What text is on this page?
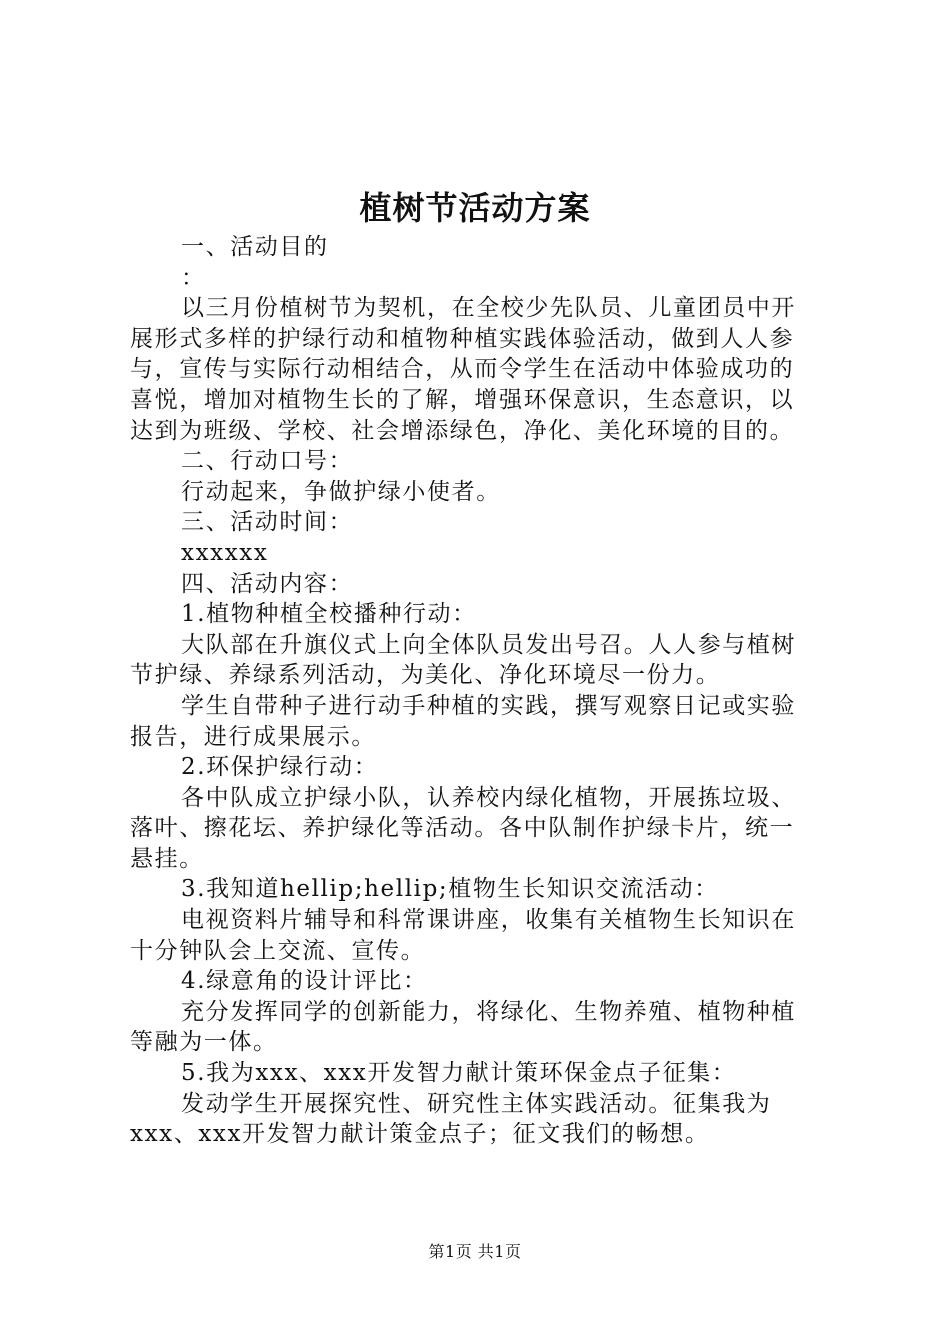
植树节活动方案
一、活动目的
：
以三月份植树节为契机，在全校少先队员、儿童团员中开
展形式多样的护绿行动和植物种植实践体验活动，做到人人参
与，宣传与实际行动相结合，从而令学生在活动中体验成功的
喜悦，增加对植物生长的了解，增强环保意识，生态意识，以
达到为班级、学校、社会增添绿色，净化、美化环境的目的。
二、行动口号：
行动起来，争做护绿小使者。
三、活动时间：
xxxxxx
四、活动内容：
1.植物种植全校播种行动：
大队部在升旗仪式上向全体队员发出号召。人人参与植树
节护绿、养绿系列活动，为美化、净化环境尽一份力。
学生自带种子进行动手种植的实践，撰写观察日记或实验
报告，进行成果展示。
2.环保护绿行动：
各中队成立护绿小队，认养校内绿化植物，开展拣垃圾、
落叶、擦花坛、养护绿化等活动。各中队制作护绿卡片，统一
悬挂。
3.我知道hellip;hellip;植物生长知识交流活动：
电视资料片辅导和科常课讲座，收集有关植物生长知识在
十分钟队会上交流、宣传。
4.绿意角的设计评比：
充分发挥同学的创新能力，将绿化、生物养殖、植物种植
等融为一体。
5.我为xxx、xxx开发智力献计策环保金点子征集：
发动学生开展探究性、研究性主体实践活动。征集我为
xxx、xxx开发智力献计策金点子；征文我们的畅想。
第1页 共1页
